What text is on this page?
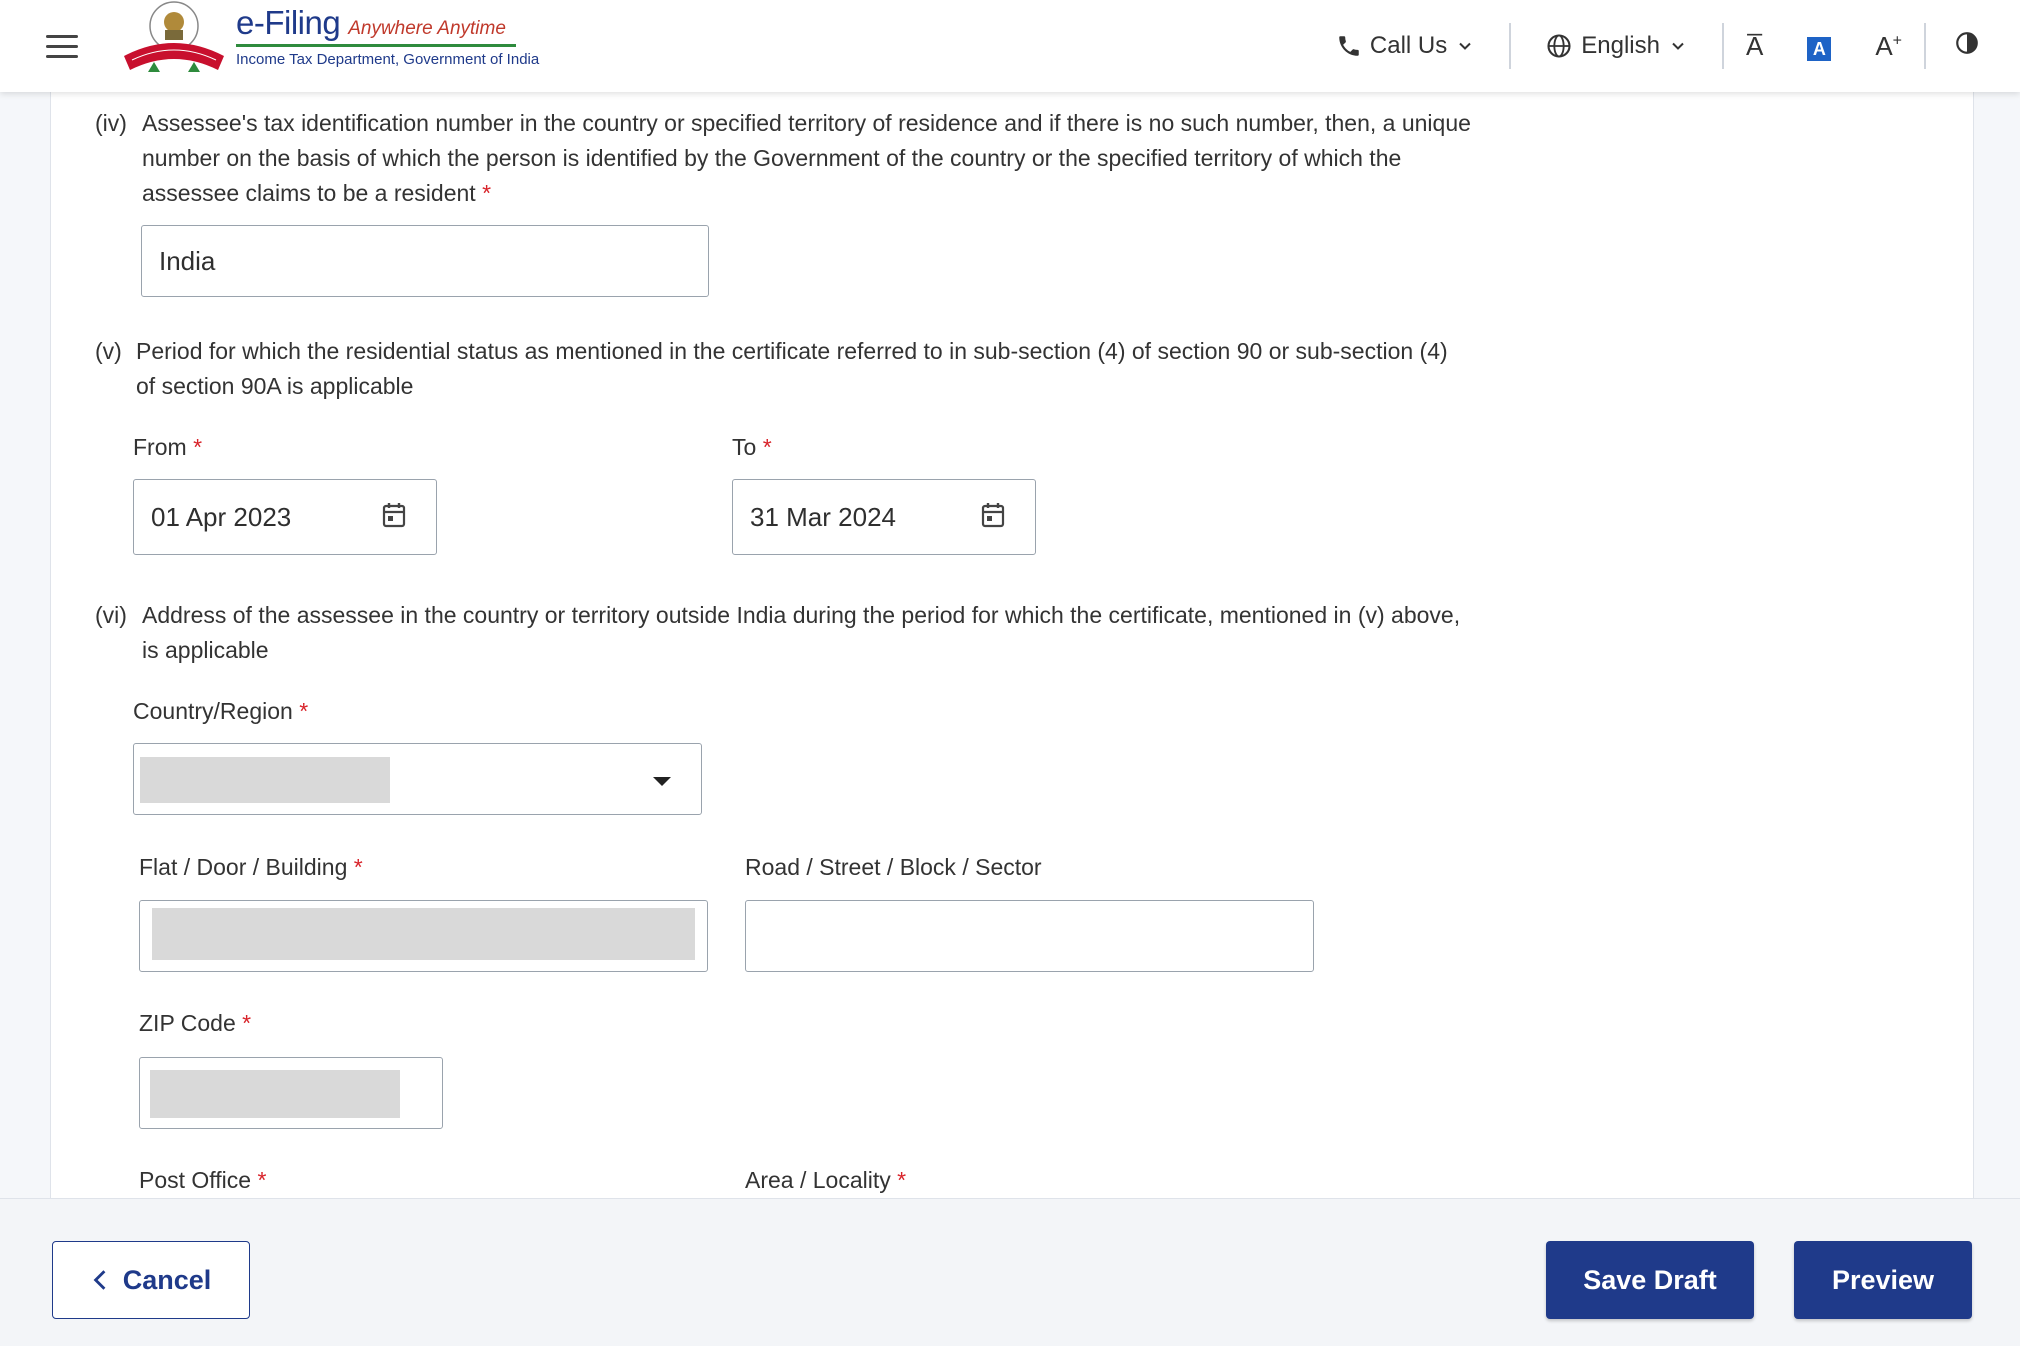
e-Filing Anywhere Anytime
Income Tax Department, Government of India
Call Us	English	A̅	A	A+
(iv) Assessee's tax identification number in the country or specified territory of residence and if there is no such number, then, a unique number on the basis of which the person is identified by the Government of the country or the specified territory of which the assessee claims to be a resident *
India
(v) Period for which the residential status as mentioned in the certificate referred to in sub-section (4) of section 90 or sub-section (4) of section 90A is applicable
From *
01 Apr 2023
To *
31 Mar 2024
(vi) Address of the assessee in the country or territory outside India during the period for which the certificate, mentioned in (v) above, is applicable
Country/Region *
Flat / Door / Building *	Road / Street / Block / Sector
ZIP Code *
Post Office *	Area / Locality *
Cancel	Save Draft	Preview
